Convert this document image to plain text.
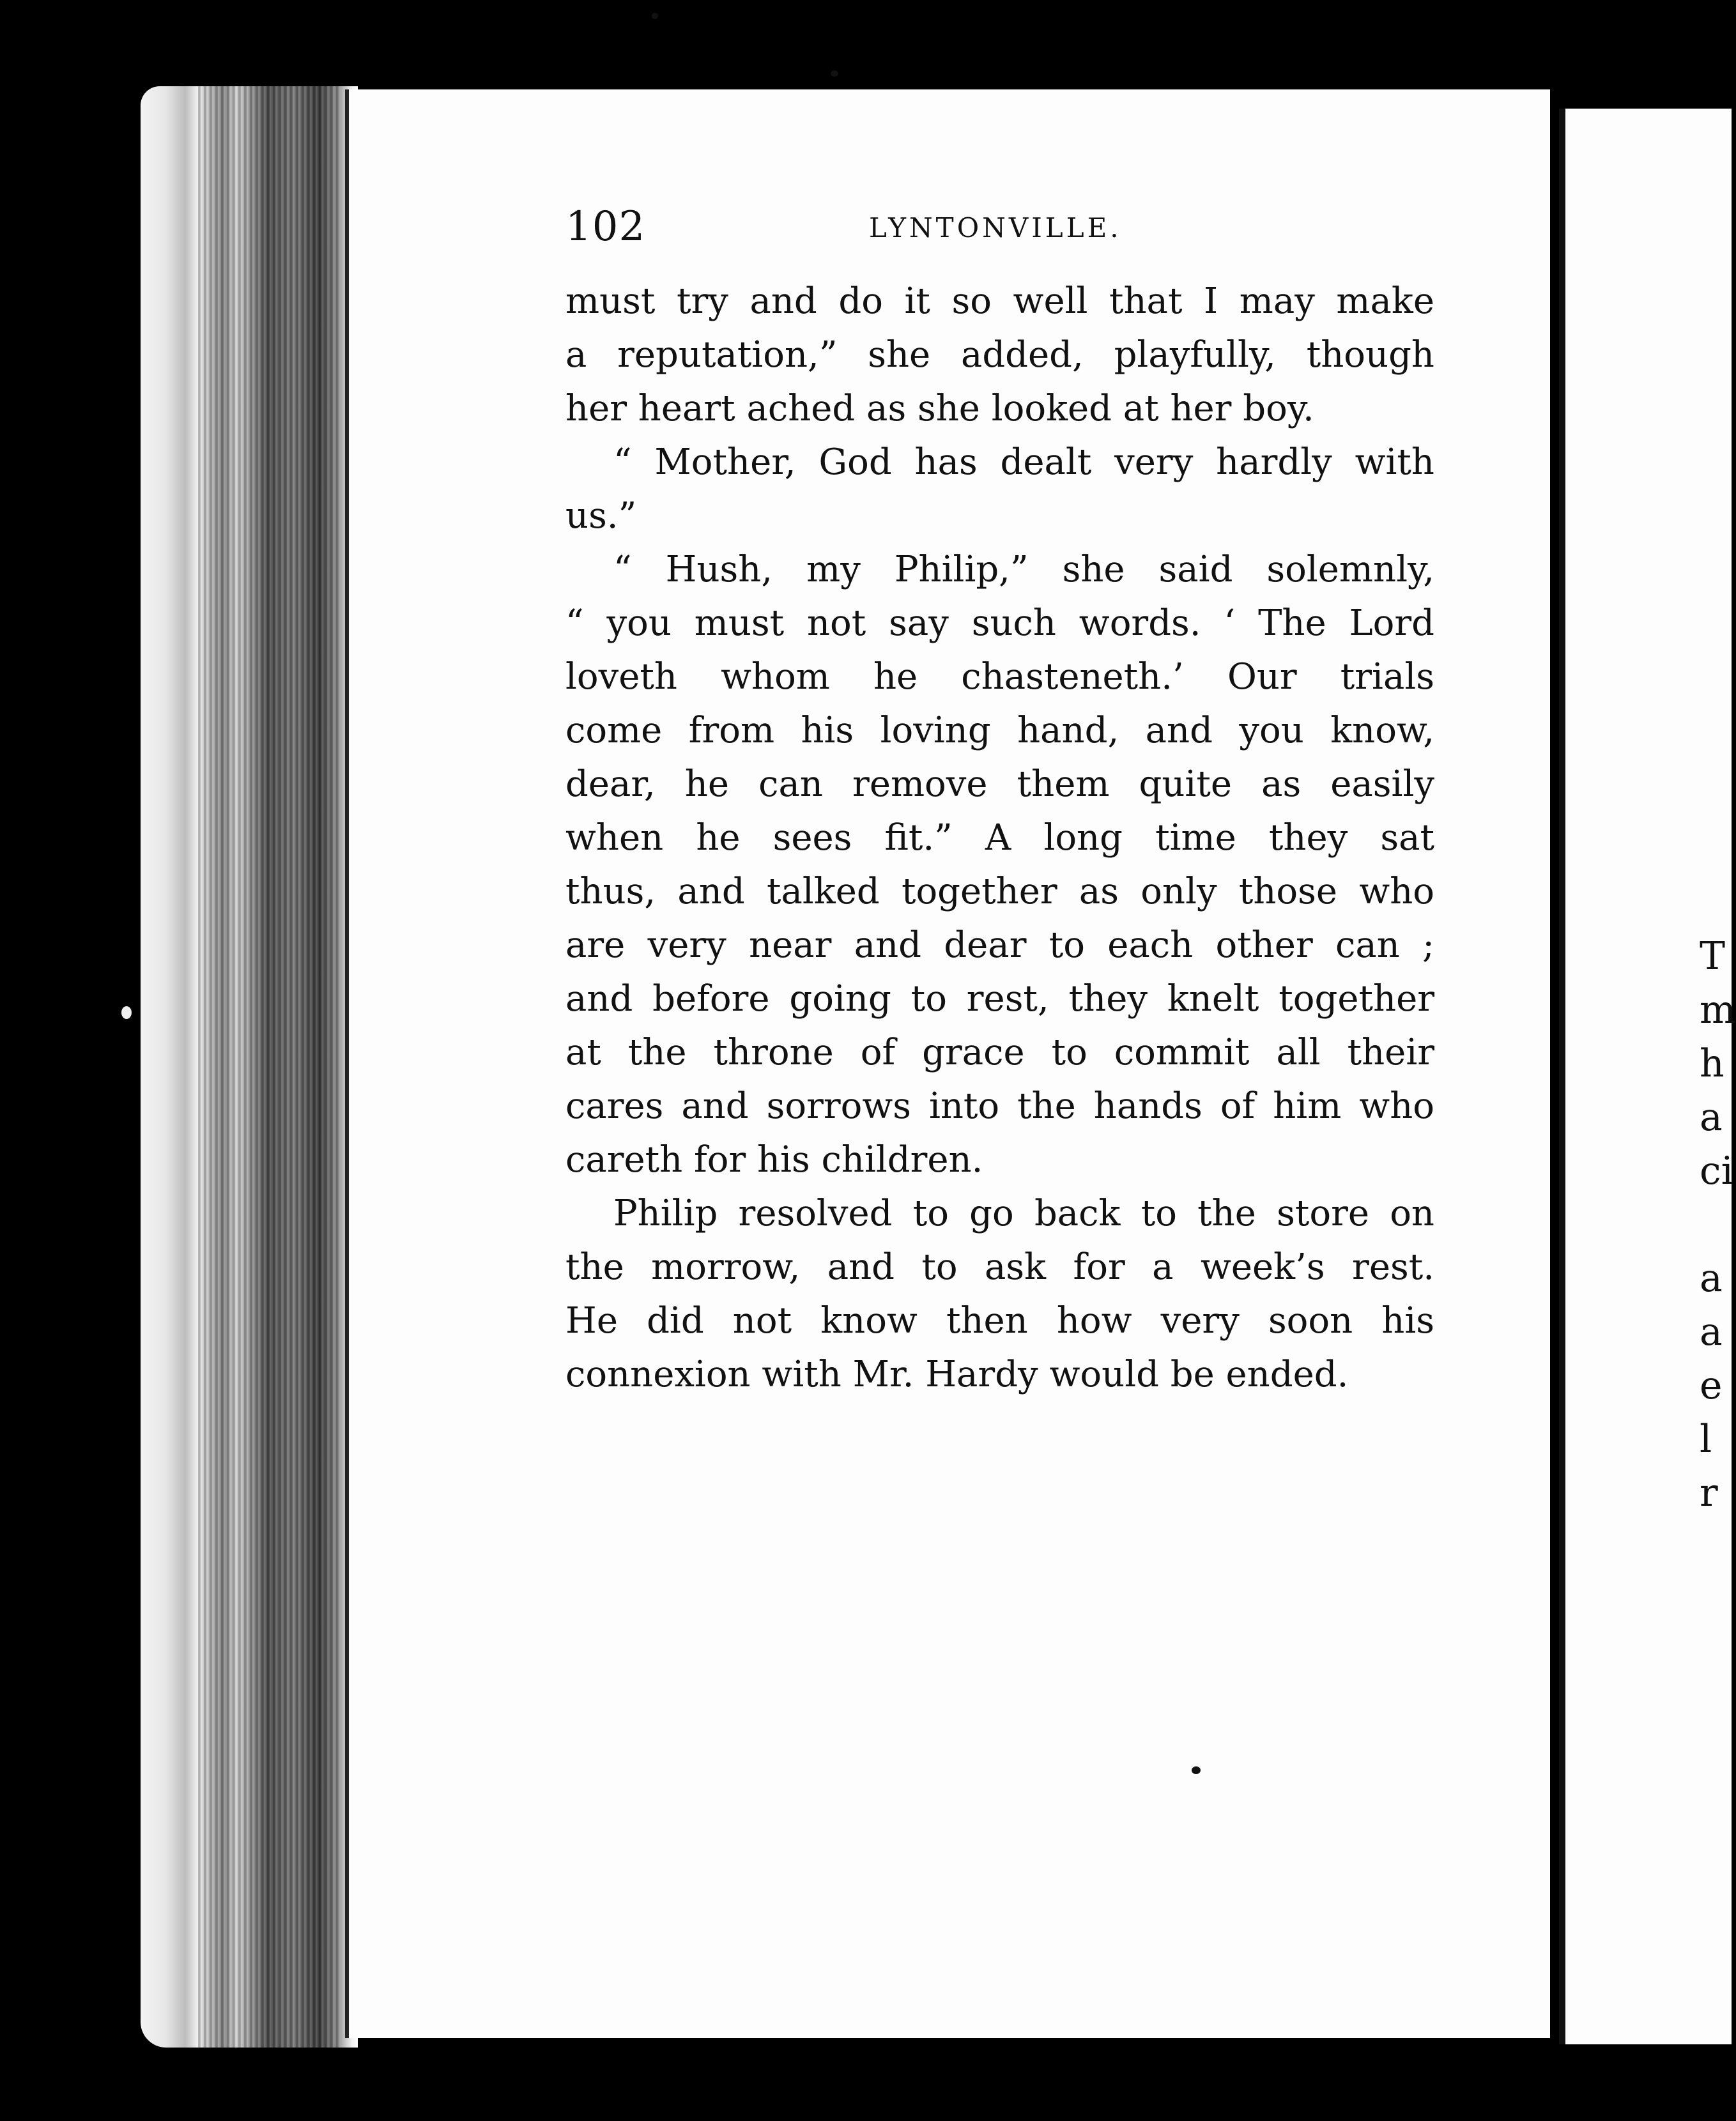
T
m
h
a
ci
a
a
e
l
r
102	LYNTONVILLE.
must try and do it so well that I may make
a reputation,” she added, playfully, though
her heart ached as she looked at her boy.
“ Mother, God has dealt very hardly with
us.”
“ Hush, my Philip,” she said solemnly,
“ you must not say such words. ‘ The Lord
loveth whom he chasteneth.’ Our trials
come from his loving hand, and you know,
dear, he can remove them quite as easily
when he sees fit.” A long time they sat
thus, and talked together as only those who
are very near and dear to each other can ;
and before going to rest, they knelt together
at the throne of grace to commit all their
cares and sorrows into the hands of him who
careth for his children.
Philip resolved to go back to the store on
the morrow, and to ask for a week’s rest.
He did not know then how very soon his
connexion with Mr. Hardy would be ended.
